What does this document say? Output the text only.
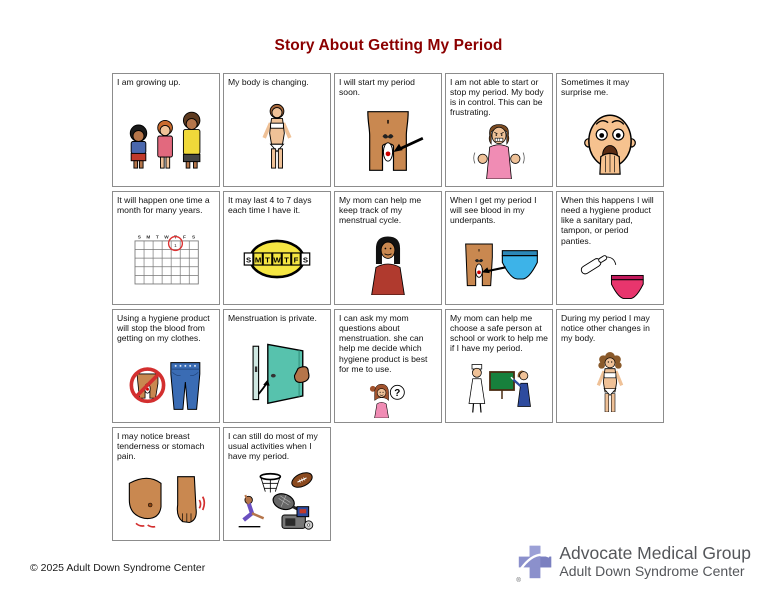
Story About Getting My Period
I am growing up.	My body is changing.	I will start my period soon.
I am not able to start or stop my period. My body is in control. This can be frustrating.
Sometimes it may surprise me.
It will happen one time a month for many years.
S M T W T F S
1
It may last 4 to 7 days each time I have it.
S M T W T F S
My mom can help me keep track of my menstrual cycle.
When I get my period I will see blood in my underpants.
When this happens I will need a hygiene product like a sanitary pad, tampon, or period panties.
Using a hygiene product will stop the blood from getting on my clothes.
Menstruation is private.	I can ask my mom questions about menstruation. she can help me decide which hygiene product is best for me to use.
?
My mom can help me choose a safe person at school or work to help me if I have my period.
During my period I may notice other changes in my body.
I may notice breast tenderness or stomach pain.
I can still do most of my usual activities when I have my period.
© 2025 Adult Down Syndrome Center
®
Advocate Medical Group
Adult Down Syndrome Center
